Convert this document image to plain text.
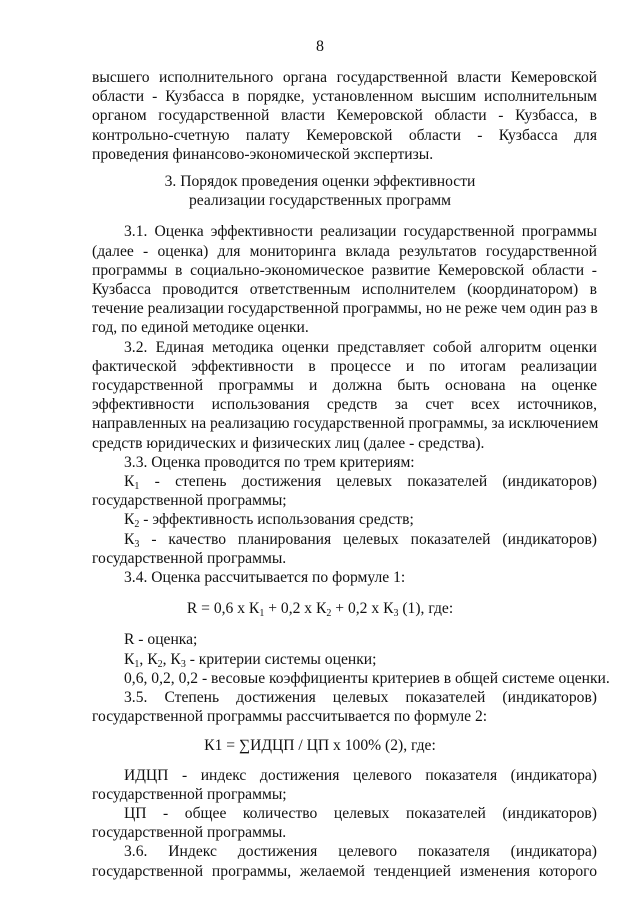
8
высшего исполнительного органа государственной власти Кемеровской
области - Кузбасса в порядке, установленном высшим исполнительным
органом государственной власти Кемеровской области - Кузбасса, в
контрольно-счетную палату Кемеровской области - Кузбасса для
проведения финансово-экономической экспертизы.
3. Порядок проведения оценки эффективности
реализации государственных программ
3.1. Оценка эффективности реализации государственной программы
(далее - оценка) для мониторинга вклада результатов государственной
программы в социально-экономическое развитие Кемеровской области -
Кузбасса проводится ответственным исполнителем (координатором) в
течение реализации государственной программы, но не реже чем один раз в
год, по единой методике оценки.
3.2. Единая методика оценки представляет собой алгоритм оценки
фактической эффективности в процессе и по итогам реализации
государственной программы и должна быть основана на оценке
эффективности использования средств за счет всех источников,
направленных на реализацию государственной программы, за исключением
средств юридических и физических лиц (далее - средства).
3.3. Оценка проводится по трем критериям:
$К_1$ - степень достижения целевых показателей (индикаторов)
государственной программы;
$К_2$ - эффективность использования средств;
$К_3$ - качество планирования целевых показателей (индикаторов)
государственной программы.
3.4. Оценка рассчитывается по формуле 1:
R = 0,6 х $К_1 + 0,2$ х $К_2 + 0,2$ х $К_3$ (1), где:
R - оценка;
$К_1$, $К_2$, $К_3$ - критерии системы оценки;
0,6, 0,2, 0,2 - весовые коэффициенты критериев в общей системе оценки.
3.5. Степень достижения целевых показателей (индикаторов)
государственной программы рассчитывается по формуле 2:
К1 = ∑ИДЦП / ЦП х 100% (2), где:
ИДЦП - индекс достижения целевого показателя (индикатора)
государственной программы;
ЦП - общее количество целевых показателей (индикаторов)
государственной программы.
3.6. Индекс достижения целевого показателя (индикатора)
государственной программы, желаемой тенденцией изменения которого
